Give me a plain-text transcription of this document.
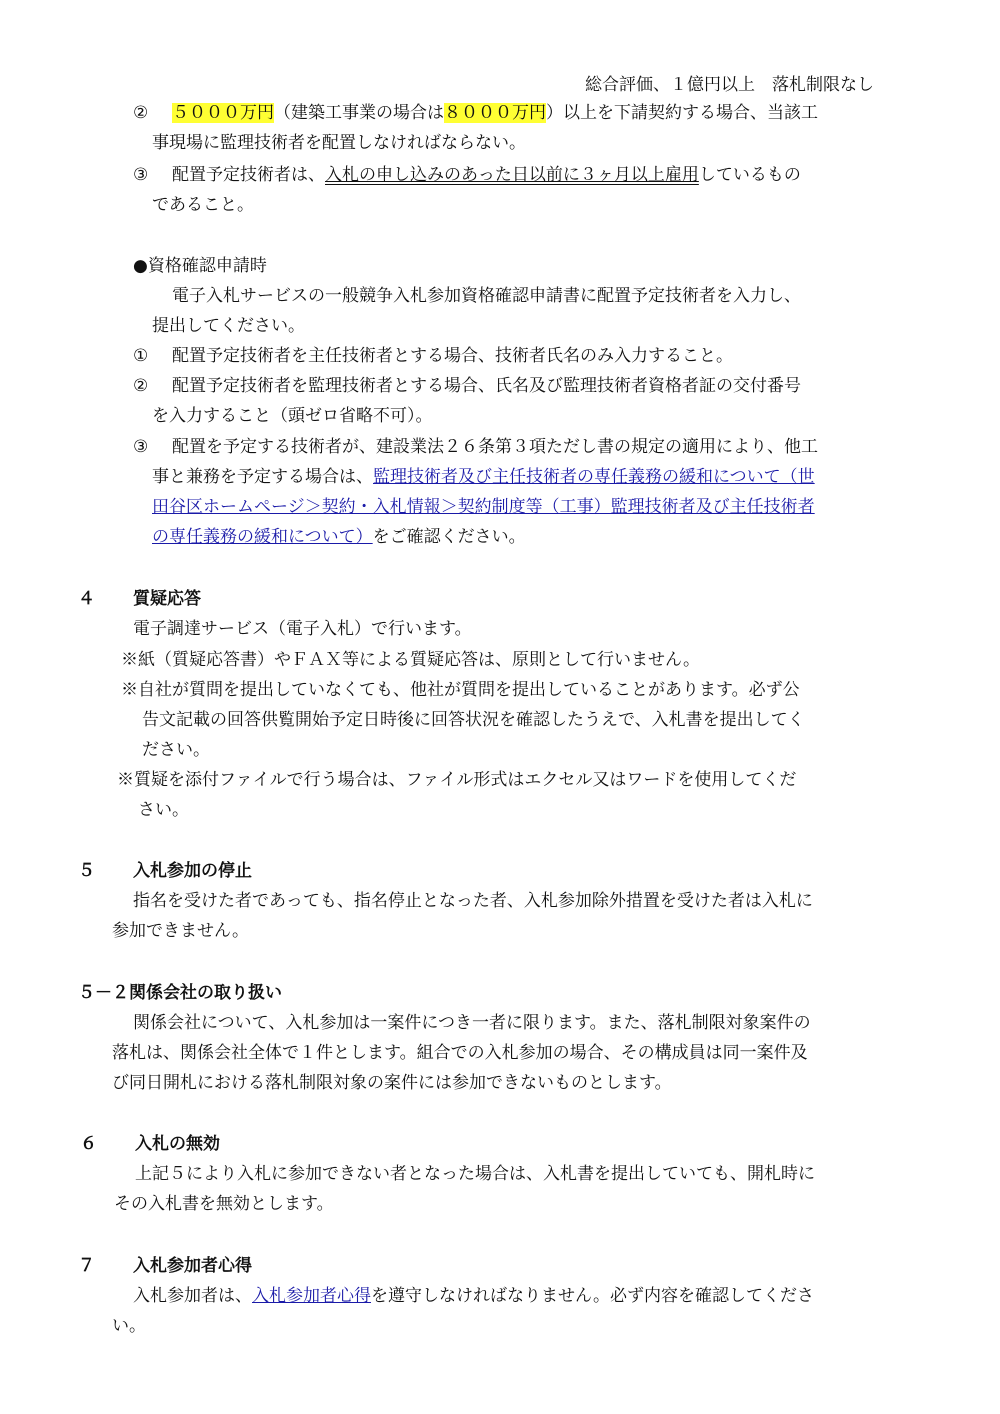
総合評価、１億円以上　落札制限なし
② ５０００万円（建築工事業の場合は８０００万円）以上を下請契約する場合、当該工
事現場に監理技術者を配置しなければならない。
③ 配置予定技術者は、入札の申し込みのあった日以前に３ヶ月以上雇用しているもの
であること。
●資格確認申請時
電子入札サービスの一般競争入札参加資格確認申請書に配置予定技術者を入力し、
提出してください。
① 配置予定技術者を主任技術者とする場合、技術者氏名のみ入力すること。
② 配置予定技術者を監理技術者とする場合、氏名及び監理技術者資格者証の交付番号
を入力すること（頭ゼロ省略不可）。
③ 配置を予定する技術者が、建設業法２６条第３項ただし書の規定の適用により、他工
事と兼務を予定する場合は、監理技術者及び主任技術者の専任義務の緩和について（世
田谷区ホームページ＞契約・入札情報＞契約制度等（工事）監理技術者及び主任技術者
の専任義務の緩和について）をご確認ください。
４ 質疑応答
電子調達サービス（電子入札）で行います。
※紙（質疑応答書）やＦＡＸ等による質疑応答は、原則として行いません。
※自社が質問を提出していなくても、他社が質問を提出していることがあります。必ず公
告文記載の回答供覧開始予定日時後に回答状況を確認したうえで、入札書を提出してく
ださい。
※質疑を添付ファイルで行う場合は、ファイル形式はエクセル又はワードを使用してくだ
さい。
５ 入札参加の停止
指名を受けた者であっても、指名停止となった者、入札参加除外措置を受けた者は入札に
参加できません。
５－２関係会社の取り扱い
関係会社について、入札参加は一案件につき一者に限ります。また、落札制限対象案件の
落札は、関係会社全体で１件とします。組合での入札参加の場合、その構成員は同一案件及
び同日開札における落札制限対象の案件には参加できないものとします。
６ 入札の無効
上記５により入札に参加できない者となった場合は、入札書を提出していても、開札時に
その入札書を無効とします。
７ 入札参加者心得
入札参加者は、入札参加者心得を遵守しなければなりません。必ず内容を確認してくださ
い。
